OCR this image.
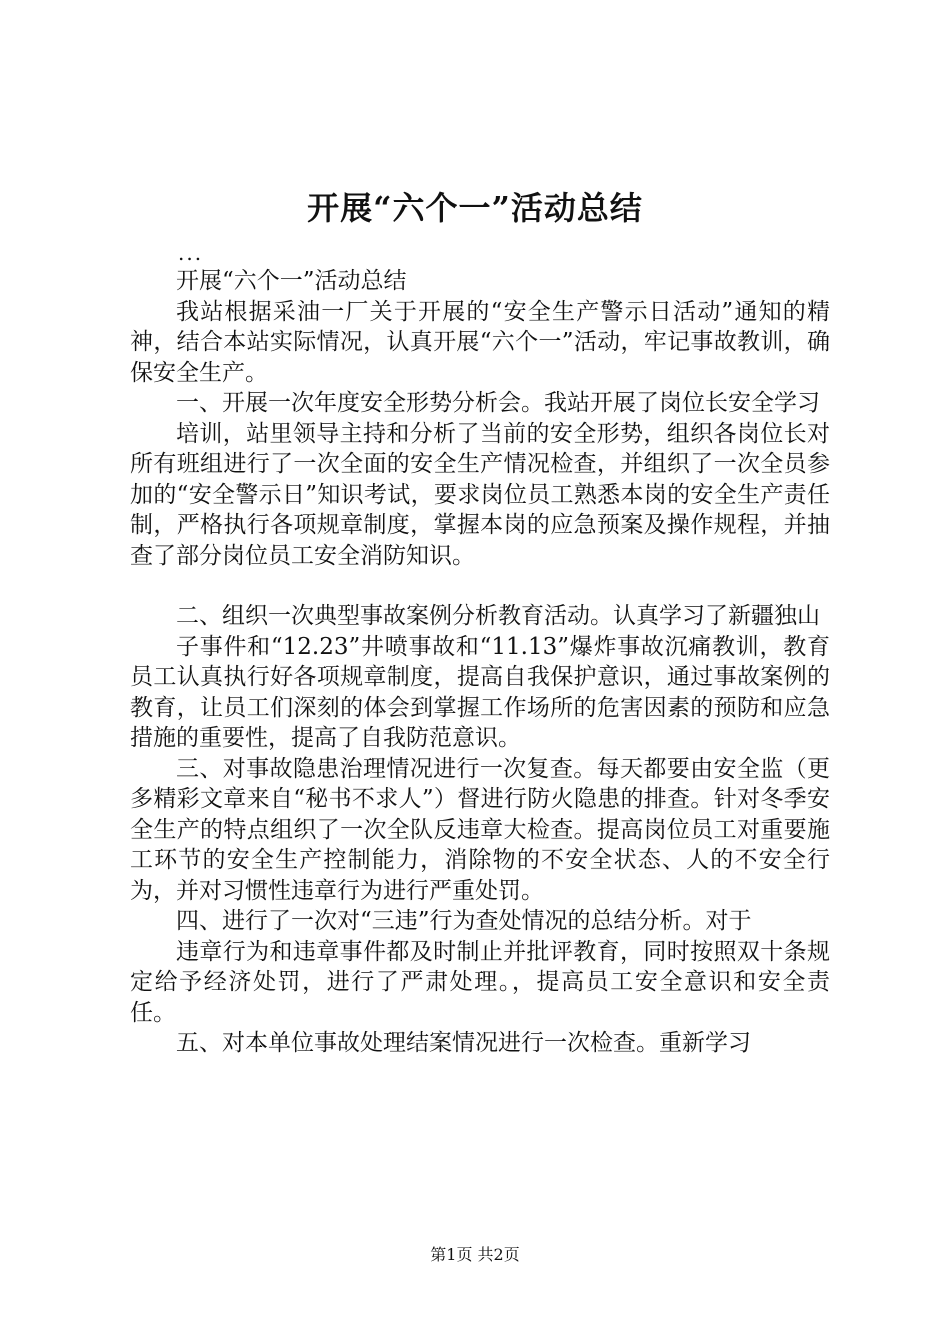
开展“六个一”活动总结
...

开展“六个一”活动总结

我站根据采油一厂关于开展的“安全生产警示日活动”通知的精神，结合本站实际情况，认真开展“六个一”活动，牢记事故教训，确保安全生产。

一、开展一次年度安全形势分析会。我站开展了岗位长安全学习

培训，站里领导主持和分析了当前的安全形势，组织各岗位长对所有班组进行了一次全面的安全生产情况检查，并组织了一次全员参加的“安全警示日”知识考试，要求岗位员工熟悉本岗的安全生产责任制，严格执行各项规章制度，掌握本岗的应急预案及操作规程，并抽查了部分岗位员工安全消防知识。

二、组织一次典型事故案例分析教育活动。认真学习了新疆独山

子事件和“12.23”井喷事故和“11.13”爆炸事故沉痛教训，教育员工认真执行好各项规章制度，提高自我保护意识，通过事故案例的教育，让员工们深刻的体会到掌握工作场所的危害因素的预防和应急措施的重要性，提高了自我防范意识。

三、对事故隐患治理情况进行一次复查。每天都要由安全监（更多精彩文章来自“秘书不求人”）督进行防火隐患的排查。针对冬季安全生产的特点组织了一次全队反违章大检查。提高岗位员工对重要施工环节的安全生产控制能力，消除物的不安全状态、人的不安全行为，并对习惯性违章行为进行严重处罚。

四、进行了一次对“三违”行为查处情况的总结分析。对于

违章行为和违章事件都及时制止并批评教育，同时按照双十条规定给予经济处罚，进行了严肃处理。，提高员工安全意识和安全责任。

五、对本单位事故处理结案情况进行一次检查。重新学习

第1页 共2页
